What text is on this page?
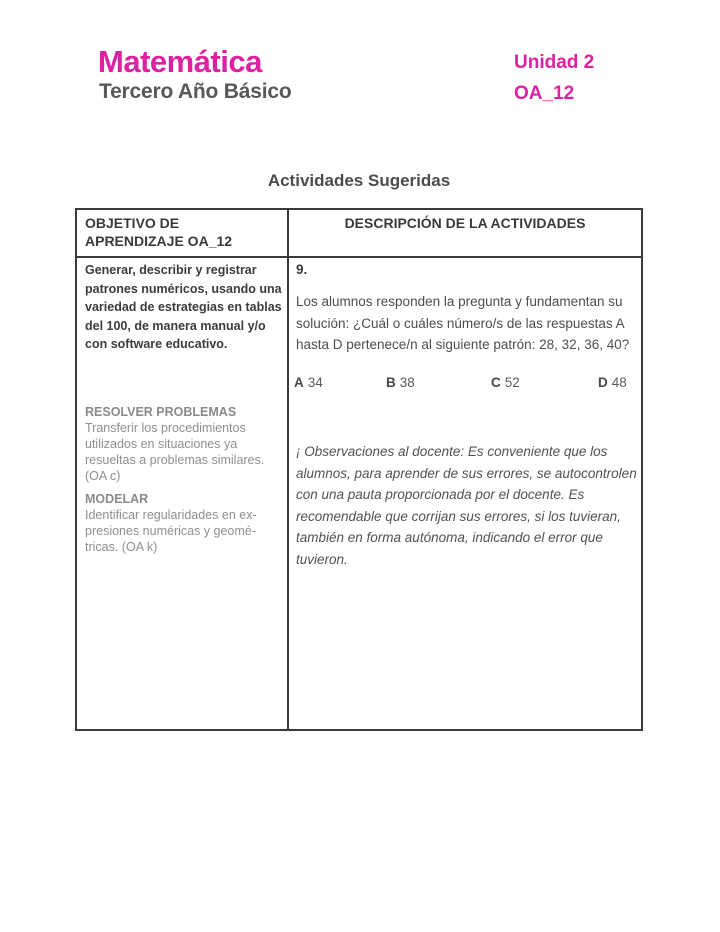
Matemática
Tercero Año Básico
Unidad 2
OA_12
Actividades Sugeridas
OBJETIVO DE
APRENDIZAJE OA_12
DESCRIPCIÓN DE LA ACTIVIDADES
Generar, describir y registrar patrones numéricos, usando una variedad de estrategias en tablas del 100, de manera manual y/o con software educativo.
RESOLVER PROBLEMAS
Transferir los procedimientos
utilizados en situaciones ya
resueltas a problemas similares.
(OA c)
MODELAR
Identificar regularidades en ex-
presiones numéricas y geomé-
tricas. (OA k)
9.
Los alumnos responden la pregunta y fundamentan su solución: ¿Cuál o cuáles número/s de las respuestas A hasta D pertenece/n al siguiente patrón: 28, 32, 36, 40?
A 34	B 38	C 52	D 48
¡ Observaciones al docente: Es conveniente que los alumnos, para aprender de sus errores, se autocontrolen con una pauta proporcionada por el docente. Es recomendable que corrijan sus errores, si los tuvieran, también en forma autónoma, indicando el error que tuvieron.
